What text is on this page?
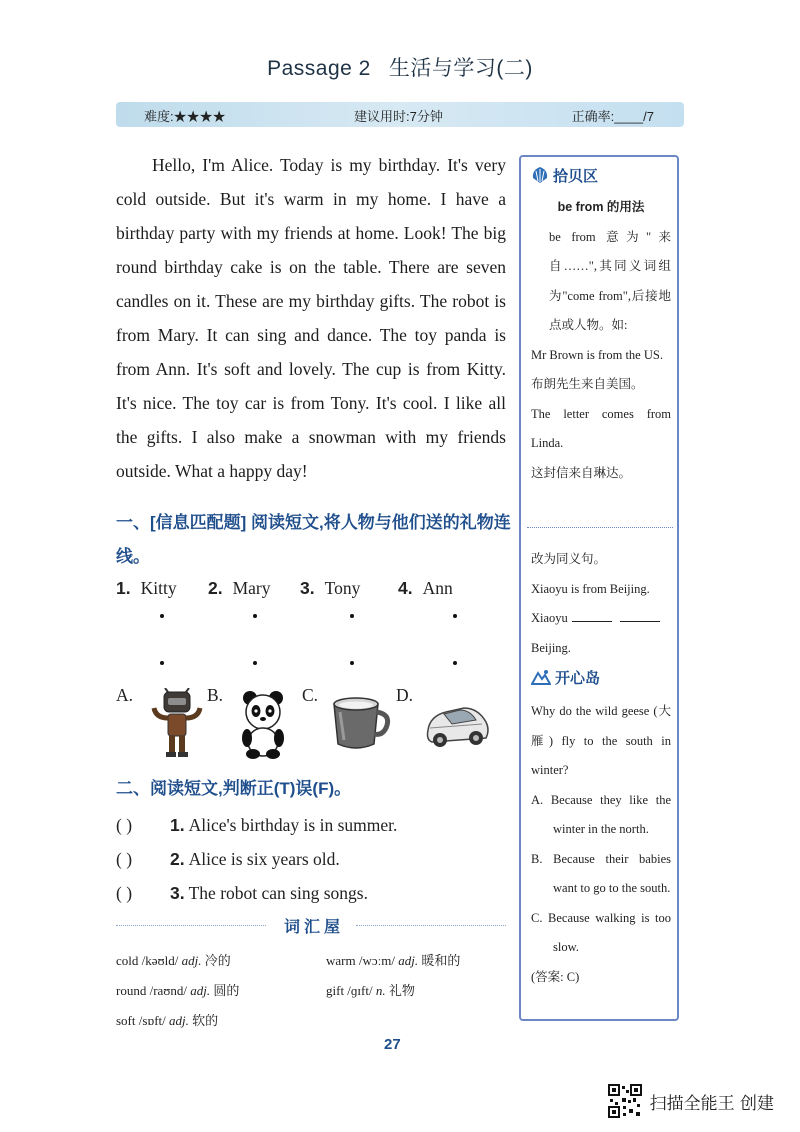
Passage 2 生活与学习(二)
难度:★★★★	建议用时:7分钟	正确率:____/7
Hello, I'm Alice. Today is my birthday. It's very cold outside. But it's warm in my home. I have a birthday party with my friends at home. Look! The big round birthday cake is on the table. There are seven candles on it. These are my birthday gifts. The robot is from Mary. It can sing and dance. The toy panda is from Ann. It's soft and lovely. The cup is from Kitty. It's nice. The toy car is from Tony. It's cool. I like all the gifts. I also make a snowman with my friends outside. What a happy day!
一、[信息匹配题] 阅读短文,将人物与他们送的礼物连线。
1. Kitty 2. Mary 3. Tony 4. Ann
A.	B.	C.	D.
二、阅读短文,判断正(T)误(F)。
( ) 1. Alice's birthday is in summer.
( ) 2. Alice is six years old.
( ) 3. The robot can sing songs.
词汇屋
cold /kəʊld/ adj. 冷的	warm /wɔːm/ adj. 暖和的
round /raʊnd/ adj. 圆的	gift /ɡɪft/ n. 礼物
soft /sɒft/ adj. 软的
27
拾贝区

be from 的用法

be from 意为"来自……",其同义词组为"come from",后接地点或人物。如:

Mr Brown is from the US.

布朗先生来自美国。

The letter comes from Linda.

这封信来自琳达。

改为同义句。

Xiaoyu is from Beijing.

Xiaoyu

Beijing.

开心岛

Why do the wild geese (大雁) fly to the south in winter?

A. Because they like the winter in the north.

B. Because their babies want to go to the south.

C. Because walking is too slow.

(答案: C)

扫描全能王 创建
